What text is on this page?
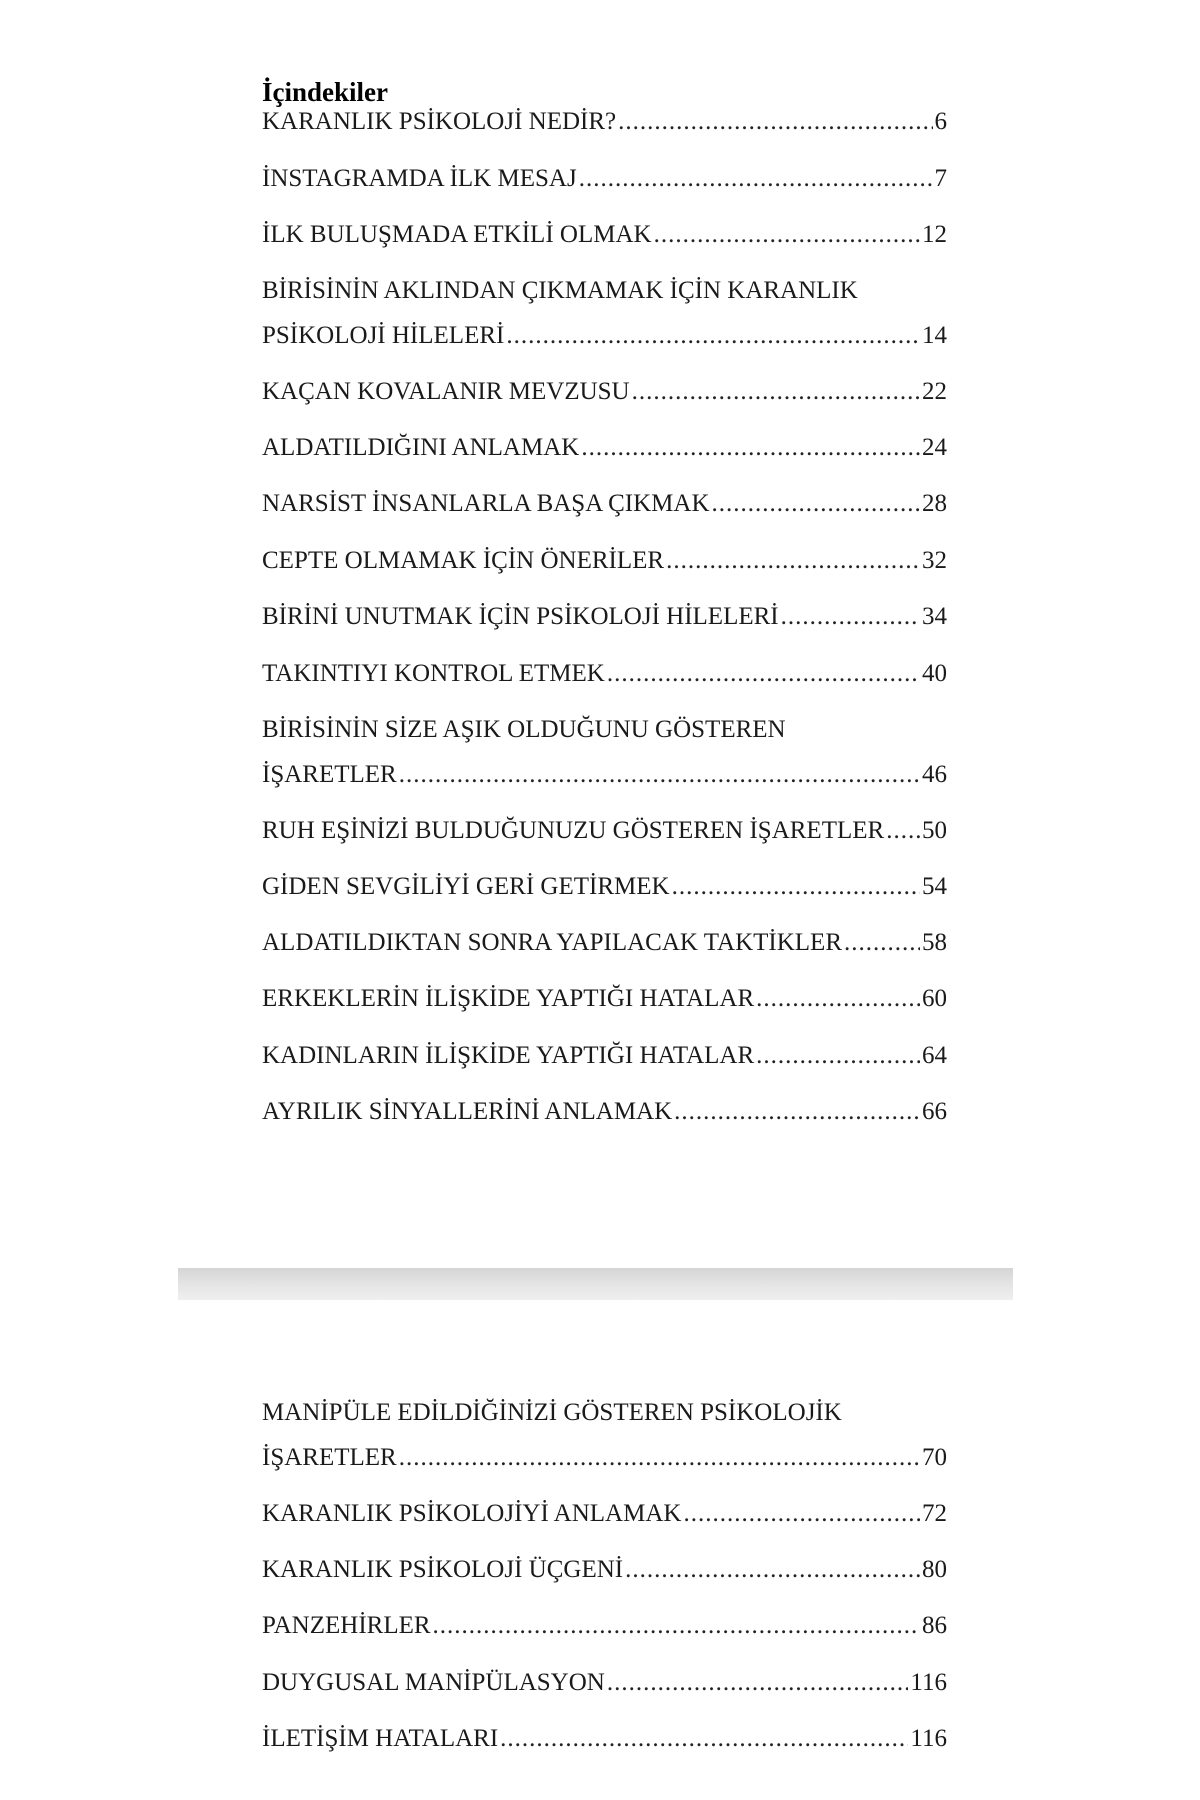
İçindekiler
KARANLIK PSİKOLOJİ NEDİR? .....	6
İNSTAGRAMDA İLK MESAJ .....	7
İLK BULUŞMADA ETKİLİ OLMAK .....	12
BİRİSİNİN AKLINDAN ÇIKMAMAK İÇİN KARANLIK
PSİKOLOJİ HİLELERİ .....	14
KAÇAN KOVALANIR MEVZUSU .....	22
ALDATILDIĞINI ANLAMAK .....	24
NARSİST İNSANLARLA BAŞA ÇIKMAK .....	28
CEPTE OLMAMAK İÇİN ÖNERİLER .....	32
BİRİNİ UNUTMAK İÇİN PSİKOLOJİ HİLELERİ .....	34
TAKINTIYI KONTROL ETMEK .....	40
BİRİSİNİN SİZE AŞIK OLDUĞUNU GÖSTEREN
İŞARETLER .....	46
RUH EŞİNİZİ BULDUĞUNUZU GÖSTEREN İŞARETLER ..... 50
GİDEN SEVGİLİYİ GERİ GETİRMEK .....	54
ALDATILDIKTAN SONRA YAPILACAK TAKTİKLER .....	58
ERKEKLERİN İLİŞKİDE YAPTIĞI HATALAR .....	60
KADINLARIN İLİŞKİDE YAPTIĞI HATALAR .....	64
AYRILIK SİNYALLERİNİ ANLAMAK .....	66
MANİPÜLE EDİLDİĞİNİZİ GÖSTEREN PSİKOLOJİK
İŞARETLER .....	70
KARANLIK PSİKOLOJİYİ ANLAMAK .....	72
KARANLIK PSİKOLOJİ ÜÇGENİ .....	80
PANZEHİRLER .....	86
DUYGUSAL MANİPÜLASYON .....	116
İLETİŞİM HATALARI .....	116
